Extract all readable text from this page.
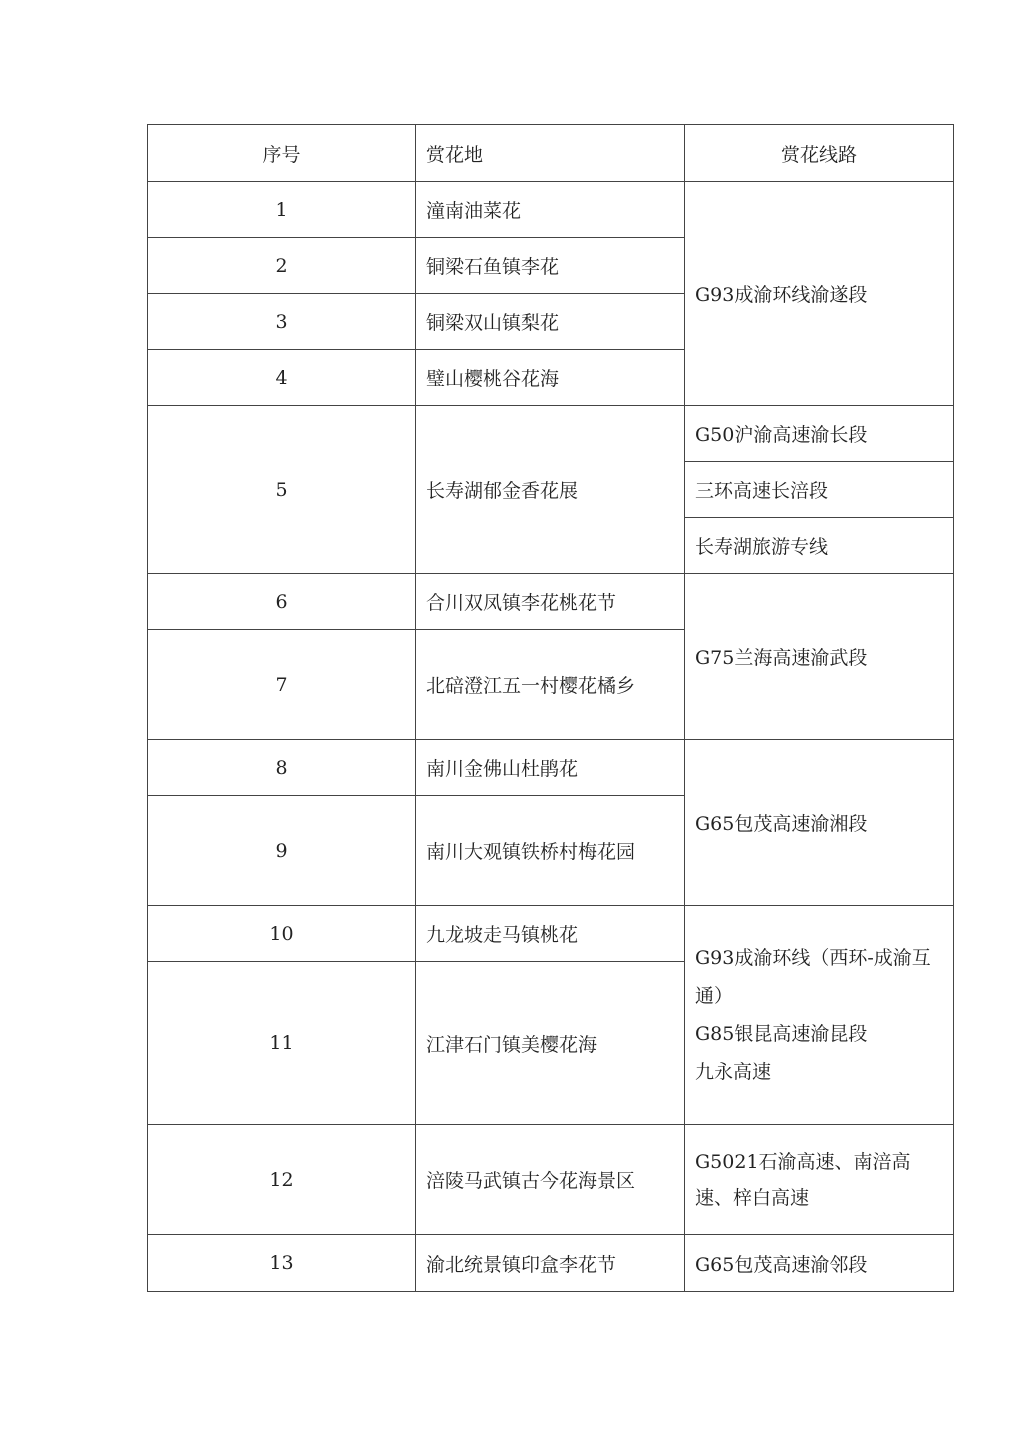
序号	赏花地	赏花线路
1	潼南油菜花	G93成渝环线渝遂段
2	铜梁石鱼镇李花	
3	铜梁双山镇梨花	
4	璧山樱桃谷花海	
5	长寿湖郁金香花展	G50沪渝高速渝长段
		三环高速长涪段
		长寿湖旅游专线
6	合川双凤镇李花桃花节	G75兰海高速渝武段
7	北碚澄江五一村樱花橘乡	
8	南川金佛山杜鹃花	G65包茂高速渝湘段
9	南川大观镇铁桥村梅花园	
10	九龙坡走马镇桃花	G93成渝环线（西环-成渝互通）
G85银昆高速渝昆段
九永高速

11	江津石门镇美樱花海	
12	涪陵马武镇古今花海景区	G5021石渝高速、南涪高速、梓白高速
13	渝北统景镇印盒李花节	G65包茂高速渝邻段
